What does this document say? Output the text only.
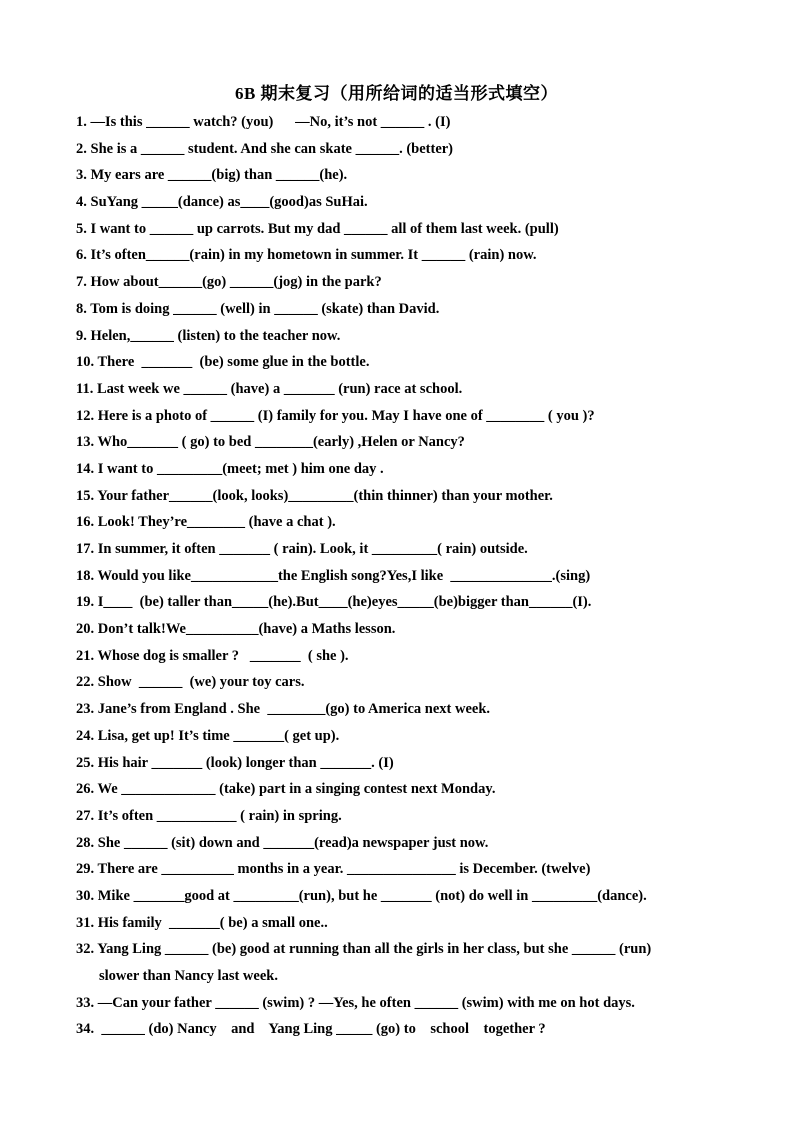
6B 期末复习（用所给词的适当形式填空）
1. —Is this ______ watch? (you)      —No, it’s not ______ . (I)
2. She is a ______ student. And she can skate ______. (better)
3. My ears are ______(big) than ______(he).
4. SuYang _____(dance) as____(good)as SuHai.
5. I want to ______ up carrots. But my dad ______ all of them last week. (pull)
6. It’s often______(rain) in my hometown in summer. It ______ (rain) now.
7. How about______(go) ______(jog) in the park?
8. Tom is doing ______ (well) in ______ (skate) than David.
9. Helen,______ (listen) to the teacher now.
10. There  _______  (be) some glue in the bottle.
11. Last week we ______ (have) a _______ (run) race at school.
12. Here is a photo of ______ (I) family for you. May I have one of ________ ( you )?
13. Who_______ ( go) to bed ________(early) ,Helen or Nancy?
14. I want to _________(meet; met ) him one day .
15. Your father______(look, looks)_________(thin thinner) than your mother.
16. Look! They’re________ (have a chat ).
17. In summer, it often _______ ( rain). Look, it _________( rain) outside.
18. Would you like____________the English song?Yes,I like  ______________.(sing)
19. I____  (be) taller than_____(he).But____(he)eyes_____(be)bigger than______(I).
20. Don’t talk!We__________(have) a Maths lesson.
21. Whose dog is smaller ?   _______  ( she ).
22. Show  ______  (we) your toy cars.
23. Jane’s from England . She  ________(go) to America next week.
24. Lisa, get up! It’s time _______( get up).
25. His hair _______ (look) longer than _______. (I)
26. We _____________ (take) part in a singing contest next Monday.
27. It’s often ___________ ( rain) in spring.
28. She ______ (sit) down and _______(read)a newspaper just now.
29. There are __________ months in a year. _______________ is December. (twelve)
30. Mike _______good at _________(run), but he _______ (not) do well in _________(dance).
31. His family  _______( be) a small one..
32. Yang Ling ______ (be) good at running than all the girls in her class, but she ______ (run)
slower than Nancy last week.
33. —Can your father ______ (swim) ? —Yes, he often ______ (swim) with me on hot days.
34.  ______ (do) Nancy    and    Yang Ling _____ (go) to    school    together ?
